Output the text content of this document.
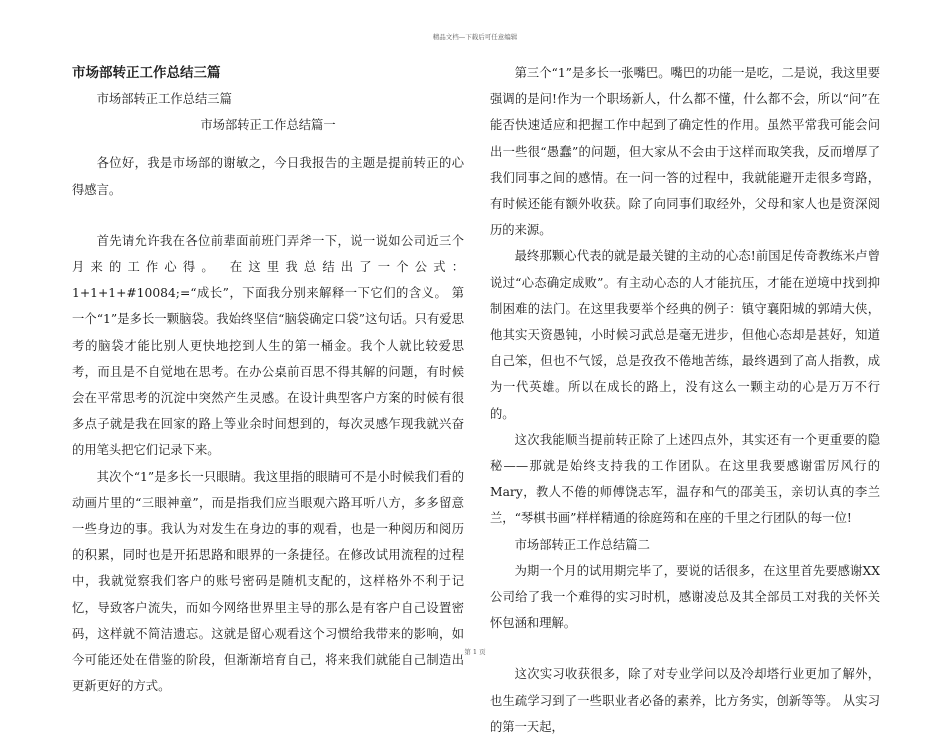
精品文档—下载后可任意编辑
市场部转正工作总结三篇
市场部转正工作总结三篇
市场部转正工作总结篇一
各位好，我是市场部的谢敏之，今日我报告的主题是提前转正的心得感言。
首先请允许我在各位前辈面前班门弄斧一下，说一说如公司近三个月来的工作心得。 在这里我总结出了一个公式：1+1+1+#10084;=“成长”，下面我分别来解释一下它们的含义。 第一个“1”是多长一颗脑袋。我始终坚信“脑袋确定口袋”这句话。只有爱思考的脑袋才能比别人更快地挖到人生的第一桶金。我个人就比较爱思考，而且是不自觉地在思考。在办公桌前百思不得其解的问题，有时候会在平常思考的沉淀中突然产生灵感。在设计典型客户方案的时候有很多点子就是我在回家的路上等业余时间想到的，每次灵感乍现我就兴奋的用笔头把它们记录下来。
其次个“1”是多长一只眼睛。我这里指的眼睛可不是小时候我们看的动画片里的“三眼神童”，而是指我们应当眼观六路耳听八方，多多留意一些身边的事。我认为对发生在身边的事的观看，也是一种阅历和阅历的积累，同时也是开拓思路和眼界的一条捷径。在修改试用流程的过程中，我就觉察我们客户的账号密码是随机支配的，这样格外不利于记忆，导致客户流失，而如今网络世界里主导的那么是有客户自己设置密码，这样就不简洁遗忘。这就是留心观看这个习惯给我带来的影响，如今可能还处在借鉴的阶段，但渐渐培育自己，将来我们就能自己制造出更新更好的方式。
第三个“1”是多长一张嘴巴。嘴巴的功能一是吃，二是说，我这里要强调的是问!作为一个职场新人，什么都不懂，什么都不会，所以“问”在能否快速适应和把握工作中起到了确定性的作用。虽然平常我可能会问出一些很“愚蠢”的问题，但大家从不会由于这样而取笑我，反而增厚了我们同事之间的感情。在一问一答的过程中，我就能避开走很多弯路，有时候还能有额外收获。除了向同事们取经外，父母和家人也是资深阅历的来源。
最终那颗心代表的就是最关键的主动的心态!前国足传奇教练米卢曾说过“心态确定成败”。有主动心态的人才能抗压，才能在逆境中找到抑制困难的法门。在这里我要举个经典的例子：镇守襄阳城的郭靖大侠，他其实天资愚钝，小时候习武总是毫无进步，但他心态却是甚好，知道自己笨，但也不气馁，总是孜孜不倦地苦练，最终遇到了高人指教，成为一代英雄。所以在成长的路上，没有这么一颗主动的心是万万不行的。
这次我能顺当提前转正除了上述四点外，其实还有一个更重要的隐秘——那就是始终支持我的工作团队。在这里我要感谢雷厉风行的Mary，教人不倦的师傅饶志军，温存和气的邵美玉，亲切认真的李兰兰，“琴棋书画”样样精通的徐庭筠和在座的千里之行团队的每一位!
市场部转正工作总结篇二
为期一个月的试用期完毕了，要说的话很多，在这里首先要感谢XX公司给了我一个难得的实习时机，感谢凌总及其全部员工对我的关怀关怀包涵和理解。
这次实习收获很多，除了对专业学问以及冷却塔行业更加了解外，也生疏学习到了一些职业者必备的素养，比方务实，创新等等。 从实习的第一天起，
第 1 页
